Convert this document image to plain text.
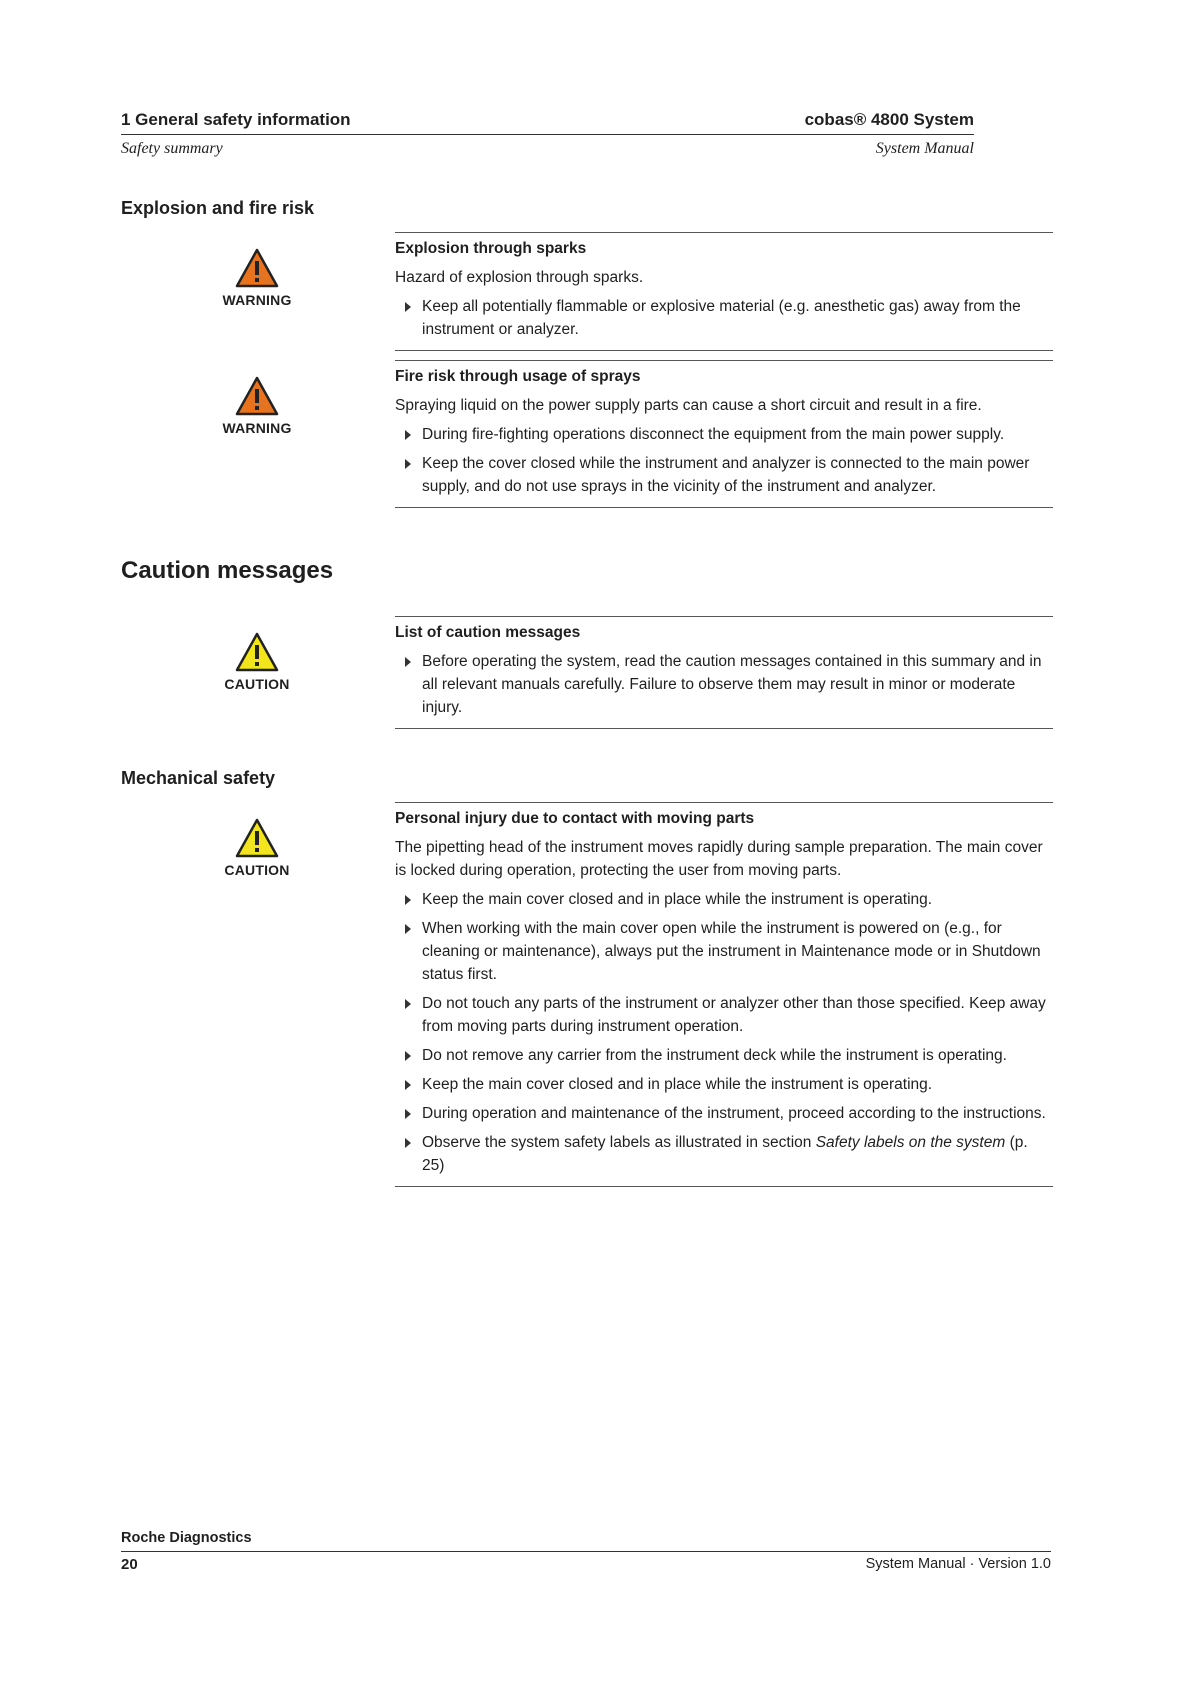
1 General safety information
Safety summary
cobas® 4800 System
System Manual
Explosion and fire risk
WARNING
Explosion through sparks
Hazard of explosion through sparks.
Keep all potentially flammable or explosive material (e.g. anesthetic gas) away from the instrument or analyzer.
WARNING
Fire risk through usage of sprays
Spraying liquid on the power supply parts can cause a short circuit and result in a fire.
During fire-fighting operations disconnect the equipment from the main power supply.
Keep the cover closed while the instrument and analyzer is connected to the main power supply, and do not use sprays in the vicinity of the instrument and analyzer.
Caution messages
CAUTION
List of caution messages
Before operating the system, read the caution messages contained in this summary and in all relevant manuals carefully. Failure to observe them may result in minor or moderate injury.
Mechanical safety
CAUTION
Personal injury due to contact with moving parts
The pipetting head of the instrument moves rapidly during sample preparation. The main cover is locked during operation, protecting the user from moving parts.
Keep the main cover closed and in place while the instrument is operating.
When working with the main cover open while the instrument is powered on (e.g., for cleaning or maintenance), always put the instrument in Maintenance mode or in Shutdown status first.
Do not touch any parts of the instrument or analyzer other than those specified. Keep away from moving parts during instrument operation.
Do not remove any carrier from the instrument deck while the instrument is operating.
Keep the main cover closed and in place while the instrument is operating.
During operation and maintenance of the instrument, proceed according to the instructions.
Observe the system safety labels as illustrated in section Safety labels on the system (p. 25)
Roche Diagnostics
20	System Manual · Version 1.0
